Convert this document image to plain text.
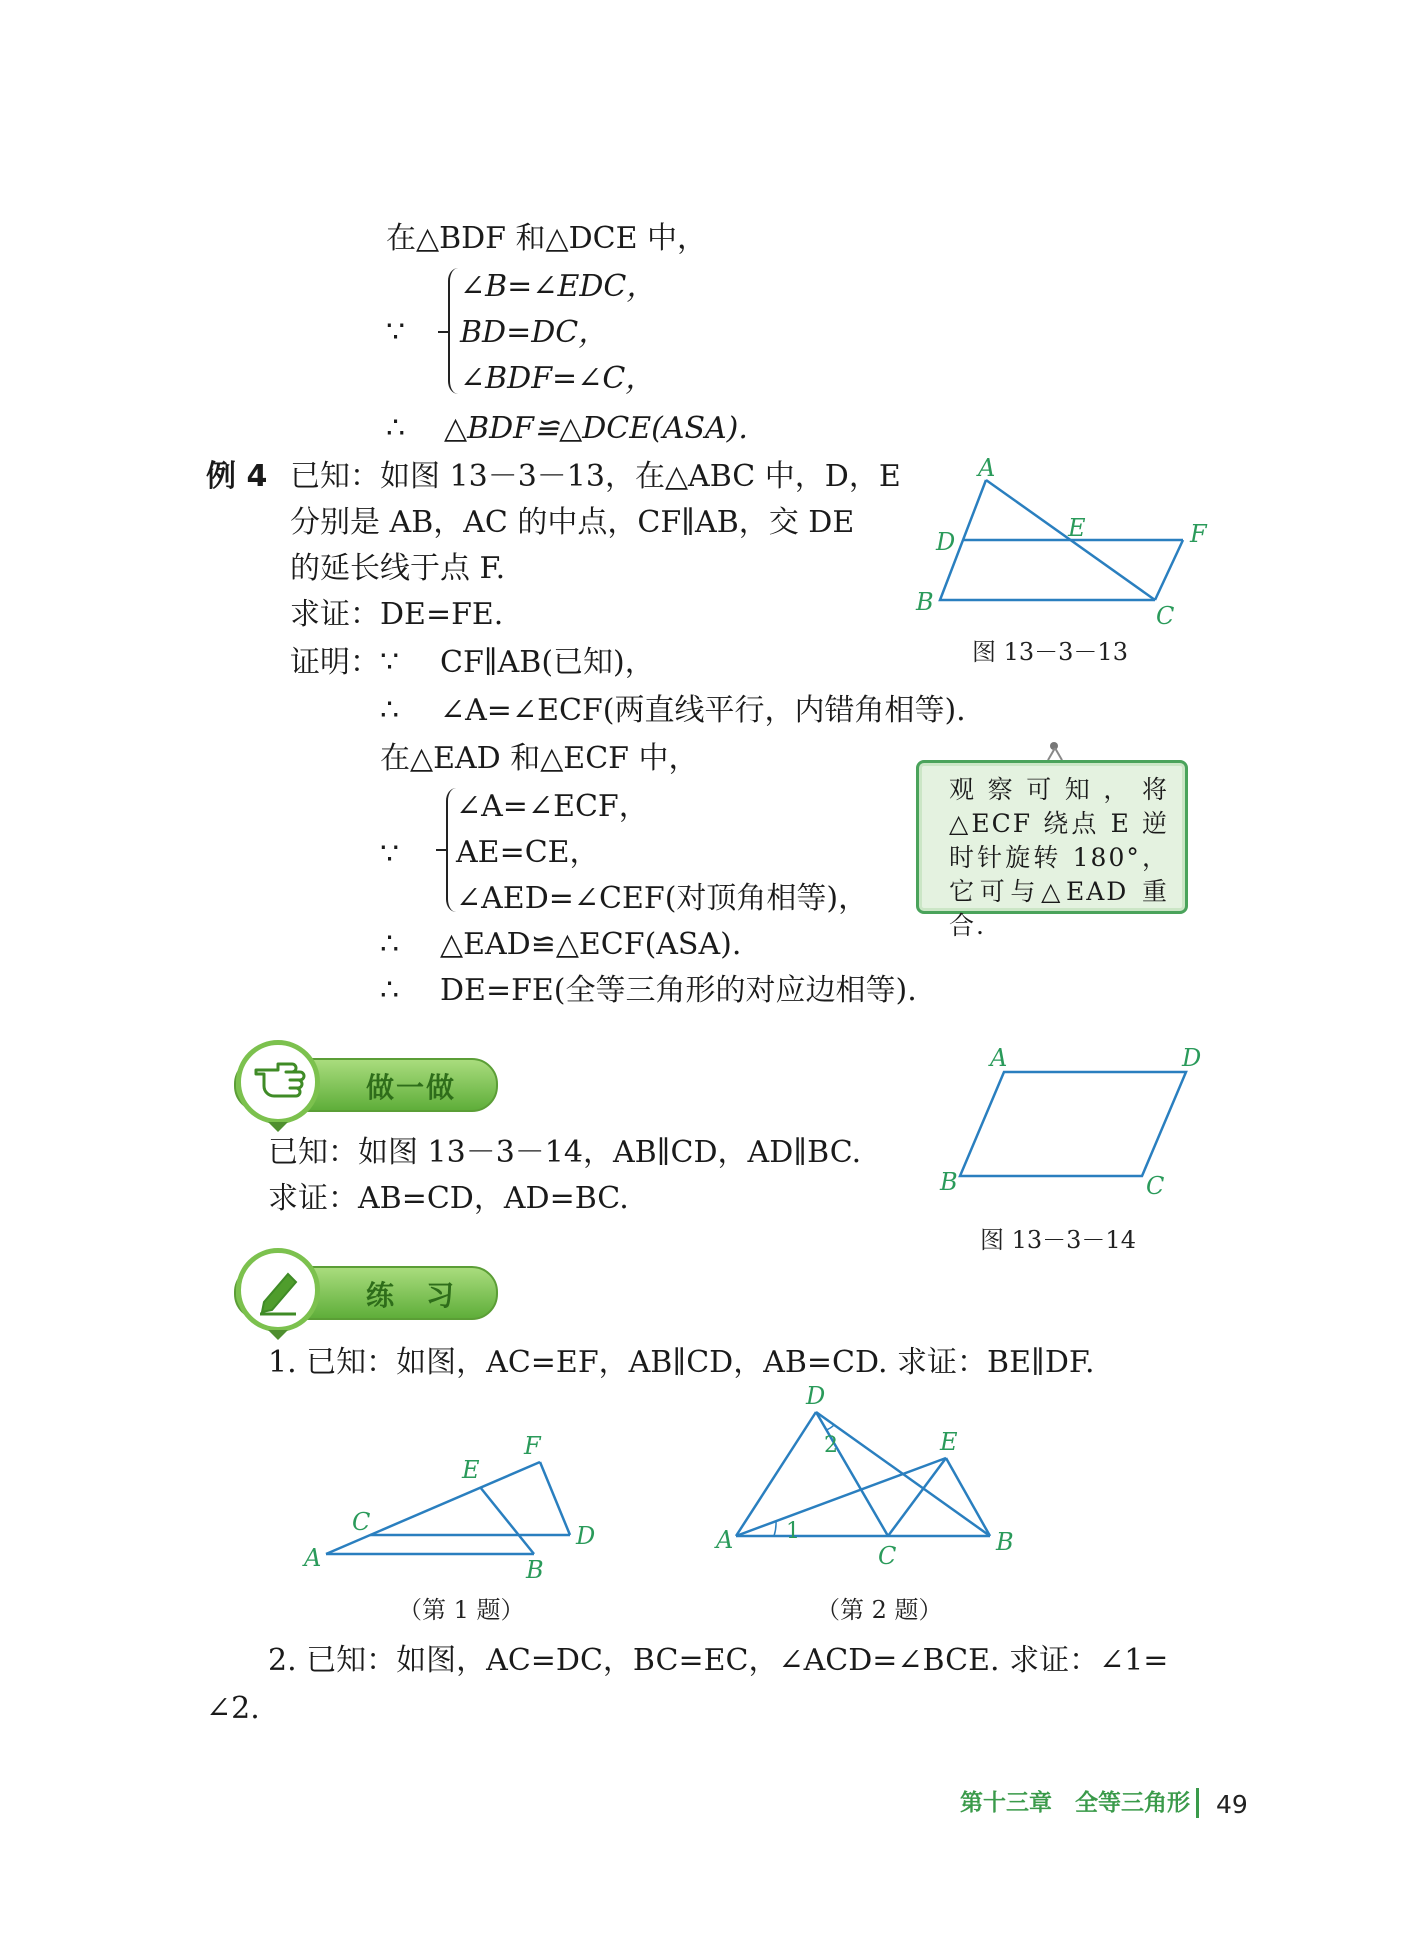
在△BDF 和△DCE 中，
∵
∠B=∠EDC，
BD=DC，
∠BDF=∠C，
∴ △BDF≌△DCE(ASA).
例 4 已知：如图 13－3－13，在△ABC 中，D，E
分别是 AB，AC 的中点，CF∥AB，交 DE
的延长线于点 F.
求证：DE=FE.
证明： ∵ CF∥AB(已知)，
∴ ∠A=∠ECF(两直线平行，内错角相等).
在△EAD 和△ECF 中，
∵
∠A=∠ECF，
AE=CE，
∠AED=∠CEF(对顶角相等)，
∴ △EAD≌△ECF(ASA).
∴ DE=FE(全等三角形的对应边相等).
A
B	C
D	E	F
图 13－3－13
观察可知，将△ECF 绕点 E 逆时针旋转 180°，它可与△EAD 重合.
做一做
已知：如图 13－3－14，AB∥CD，AD∥BC.
求证：AB=CD，AD=BC.
A	D
B	C
图 13－3－14
练　习
1. 已知：如图，AC=EF，AB∥CD，AB=CD. 求证：BE∥DF.
A	B
C	D
E
F
（第 1 题）
A	B
C
D
E
1
2
（第 2 题）
2. 已知：如图，AC=DC，BC=EC，∠ACD=∠BCE. 求证：∠1=
∠2.
第十三章　全等三角形 49
